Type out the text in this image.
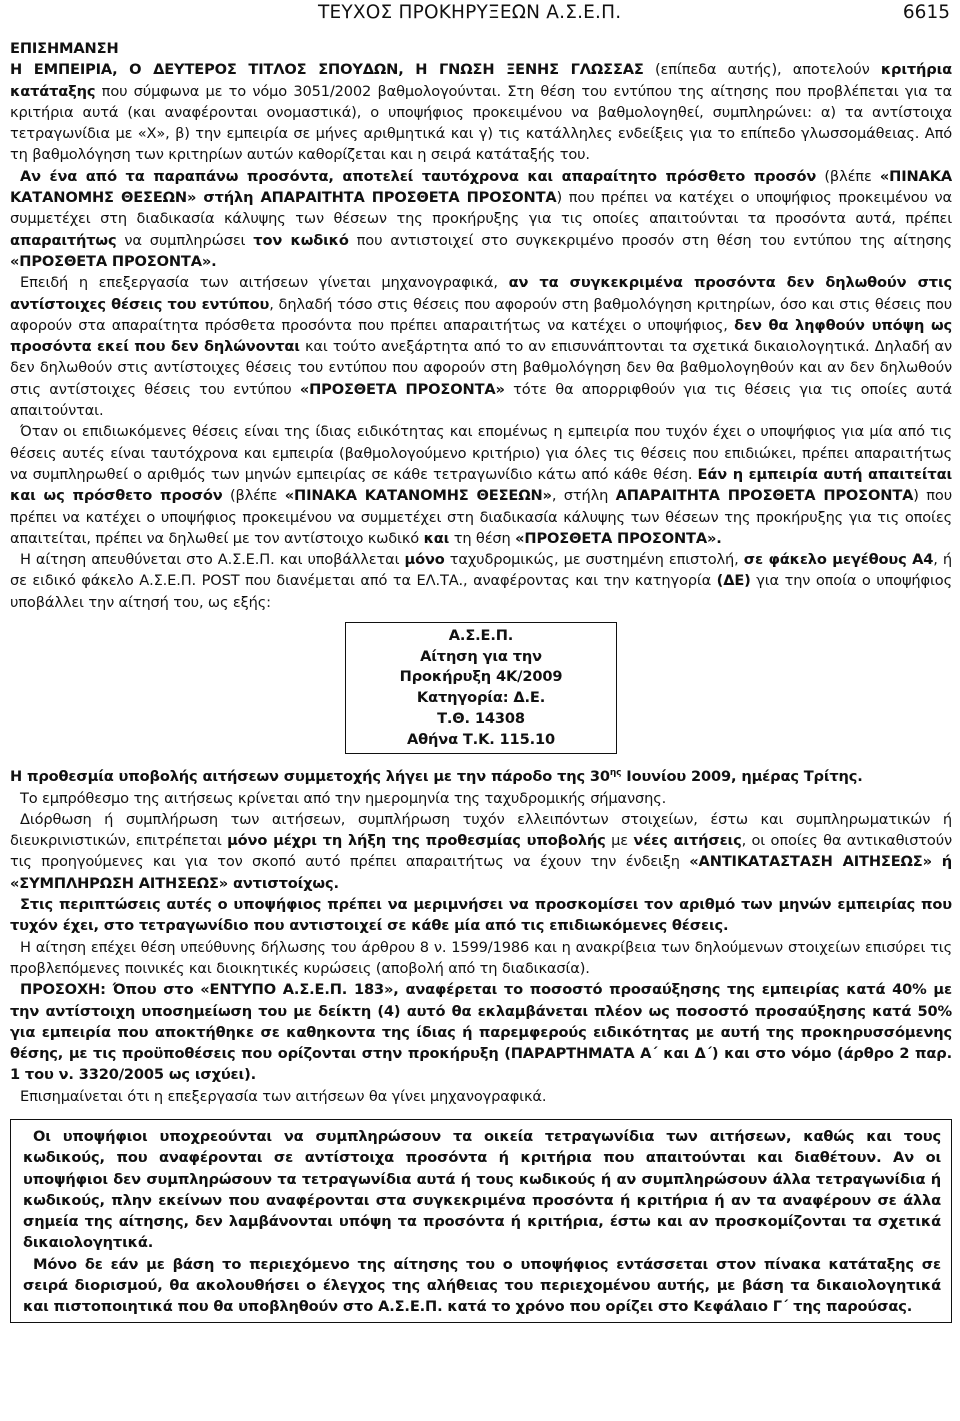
ΤΕΥΧΟΣ ΠΡΟΚΗΡΥΞΕΩΝ Α.Σ.Ε.Π.	6615

ΕΠΙΣΗΜΑΝΣΗ

Η ΕΜΠΕΙΡΙΑ, Ο ΔΕΥΤΕΡΟΣ ΤΙΤΛΟΣ ΣΠΟΥΔΩΝ, Η ΓΝΩΣΗ ΞΕΝΗΣ ΓΛΩΣΣΑΣ (επίπεδα αυτής), αποτελούν κριτήρια κατάταξης που σύμφωνα με το νόμο 3051/2002 βαθμολογούνται. Στη θέση του εντύπου της αίτησης που προβλέπεται για τα κριτήρια αυτά (και αναφέρονται ονομαστικά), ο υποψήφιος προκειμένου να βαθμολογηθεί, συμπληρώνει: α) τα αντίστοιχα τετραγωνίδια με «Χ», β) την εμπειρία σε μήνες αριθμητικά και γ) τις κατάλληλες ενδείξεις για το επίπεδο γλωσσομάθειας. Από τη βαθμολόγηση των κριτηρίων αυτών καθορίζεται και η σειρά κατάταξής του.

Αν ένα από τα παραπάνω προσόντα, αποτελεί ταυτόχρονα και απαραίτητο πρόσθετο προσόν (βλέπε «ΠΙΝΑΚΑ ΚΑΤΑΝΟΜΗΣ ΘΕΣΕΩΝ» στήλη ΑΠΑΡΑΙΤΗΤΑ ΠΡΟΣΘΕΤΑ ΠΡΟΣΟΝΤΑ) που πρέπει να κατέχει ο υποψήφιος προκειμένου να συμμετέχει στη διαδικασία κάλυψης των θέσεων της προκήρυξης για τις οποίες απαιτούνται τα προσόντα αυτά, πρέπει απαραιτήτως να συμπληρώσει τον κωδικό που αντιστοιχεί στο συγκεκριμένο προσόν στη θέση του εντύπου της αίτησης «ΠΡΟΣΘΕΤΑ ΠΡΟΣΟΝΤΑ».

Επειδή η επεξεργασία των αιτήσεων γίνεται μηχανογραφικά, αν τα συγκεκριμένα προσόντα δεν δηλωθούν στις αντίστοιχες θέσεις του εντύπου, δηλαδή τόσο στις θέσεις που αφορούν στη βαθμολόγηση κριτηρίων, όσο και στις θέσεις που αφορούν στα απαραίτητα πρόσθετα προσόντα που πρέπει απαραιτήτως να κατέχει ο υποψήφιος, δεν θα ληφθούν υπόψη ως προσόντα εκεί που δεν δηλώνονται και τούτο ανεξάρτητα από το αν επισυνάπτονται τα σχετικά δικαιολογητικά. Δηλαδή αν δεν δηλωθούν στις αντίστοιχες θέσεις του εντύπου που αφορούν στη βαθμολόγηση δεν θα βαθμολογηθούν και αν δεν δηλωθούν στις αντίστοιχες θέσεις του εντύπου «ΠΡΟΣΘΕΤΑ ΠΡΟΣΟΝΤΑ» τότε θα απορριφθούν για τις θέσεις για τις οποίες αυτά απαιτούνται.

Όταν οι επιδιωκόμενες θέσεις είναι της ίδιας ειδικότητας και επομένως η εμπειρία που τυχόν έχει ο υποψήφιος για μία από τις θέσεις αυτές είναι ταυτόχρονα και εμπειρία (βαθμολογούμενο κριτήριο) για όλες τις θέσεις που επιδιώκει, πρέπει απαραιτήτως να συμπληρωθεί ο αριθμός των μηνών εμπειρίας σε κάθε τετραγωνίδιο κάτω από κάθε θέση. Εάν η εμπειρία αυτή απαιτείται και ως πρόσθετο προσόν (βλέπε «ΠΙΝΑΚΑ ΚΑΤΑΝΟΜΗΣ ΘΕΣΕΩΝ», στήλη ΑΠΑΡΑΙΤΗΤΑ ΠΡΟΣΘΕΤΑ ΠΡΟΣΟΝΤΑ) που πρέπει να κατέχει ο υποψήφιος προκειμένου να συμμετέχει στη διαδικασία κάλυψης των θέσεων της προκήρυξης για τις οποίες απαιτείται, πρέπει να δηλωθεί με τον αντίστοιχο κωδικό και τη θέση «ΠΡΟΣΘΕΤΑ ΠΡΟΣΟΝΤΑ».

Η αίτηση απευθύνεται στο Α.Σ.Ε.Π. και υποβάλλεται μόνο ταχυδρομικώς, με συστημένη επιστολή, σε φάκελο μεγέθους Α4, ή σε ειδικό φάκελο Α.Σ.Ε.Π. POST που διανέμεται από τα ΕΛ.ΤΑ., αναφέροντας και την κατηγορία (ΔΕ) για την οποία ο υποψήφιος υποβάλλει την αίτησή του, ως εξής:

Α.Σ.Ε.Π.
Αίτηση για την
Προκήρυξη 4Κ/2009
Κατηγορία: Δ.Ε.
Τ.Θ. 14308
Αθήνα Τ.Κ. 115.10

Η προθεσμία υποβολής αιτήσεων συμμετοχής λήγει με την πάροδο της $30^{\eta\varsigma}$ Ιουνίου 2009, ημέρας Τρίτης.

Το εμπρόθεσμο της αιτήσεως κρίνεται από την ημερομηνία της ταχυδρομικής σήμανσης.

Διόρθωση ή συμπλήρωση των αιτήσεων, συμπλήρωση τυχόν ελλειπόντων στοιχείων, έστω και συμπληρωματικών ή διευκρινιστικών, επιτρέπεται μόνο μέχρι τη λήξη της προθεσμίας υποβολής με νέες αιτήσεις, οι οποίες θα αντικαθιστούν τις προηγούμενες και για τον σκοπό αυτό πρέπει απαραιτήτως να έχουν την ένδειξη «ΑΝΤΙΚΑΤΑΣΤΑΣΗ ΑΙΤΗΣΕΩΣ» ή «ΣΥΜΠΛΗΡΩΣΗ ΑΙΤΗΣΕΩΣ» αντιστοίχως.

Στις περιπτώσεις αυτές ο υποψήφιος πρέπει να μεριμνήσει να προσκομίσει τον αριθμό των μηνών εμπειρίας που τυχόν έχει, στο τετραγωνίδιο που αντιστοιχεί σε κάθε μία από τις επιδιωκόμενες θέσεις.

Η αίτηση επέχει θέση υπεύθυνης δήλωσης του άρθρου 8 ν. 1599/1986 και η ανακρίβεια των δηλούμενων στοιχείων επισύρει τις προβλεπόμενες ποινικές και διοικητικές κυρώσεις (αποβολή από τη διαδικασία).

ΠΡΟΣΟΧΗ: Όπου στο «ΕΝΤΥΠΟ Α.Σ.Ε.Π. 183», αναφέρεται το ποσοστό προσαύξησης της εμπειρίας κατά 40% με την αντίστοιχη υποσημείωση του με δείκτη (4) αυτό θα εκλαμβάνεται πλέον ως ποσοστό προσαύξησης κατά 50% για εμπειρία που αποκτήθηκε σε καθηκοντα της ίδιας ή παρεμφερούς ειδικότητας με αυτή της προκηρυσσόμενης θέσης, με τις προϋποθέσεις που ορίζονται στην προκήρυξη (ΠΑΡΑΡΤΗΜΑΤΑ Α΄ και Δ΄) και στο νόμο (άρθρο 2 παρ. 1 του ν. 3320/2005 ως ισχύει).

Επισημαίνεται ότι η επεξεργασία των αιτήσεων θα γίνει μηχανογραφικά.

Οι υποψήφιοι υποχρεούνται να συμπληρώσουν τα οικεία τετραγωνίδια των αιτήσεων, καθώς και τους κωδικούς, που αναφέρονται σε αντίστοιχα προσόντα ή κριτήρια που απαιτούνται και διαθέτουν. Αν οι υποψήφιοι δεν συμπληρώσουν τα τετραγωνίδια αυτά ή τους κωδικούς ή αν συμπληρώσουν άλλα τετραγωνίδια ή κωδικούς, πλην εκείνων που αναφέρονται στα συγκεκριμένα προσόντα ή κριτήρια ή αν τα αναφέρουν σε άλλα σημεία της αίτησης, δεν λαμβάνονται υπόψη τα προσόντα ή κριτήρια, έστω και αν προσκομίζονται τα σχετικά δικαιολογητικά.

Μόνο δε εάν με βάση το περιεχόμενο της αίτησης του ο υποψήφιος εντάσσεται στον πίνακα κατάταξης σε σειρά διορισμού, θα ακολουθήσει ο έλεγχος της αλήθειας του περιεχομένου αυτής, με βάση τα δικαιολογητικά και πιστοποιητικά που θα υποβληθούν στο Α.Σ.Ε.Π. κατά το χρόνο που ορίζει στο Κεφάλαιο Γ΄ της παρούσας.
